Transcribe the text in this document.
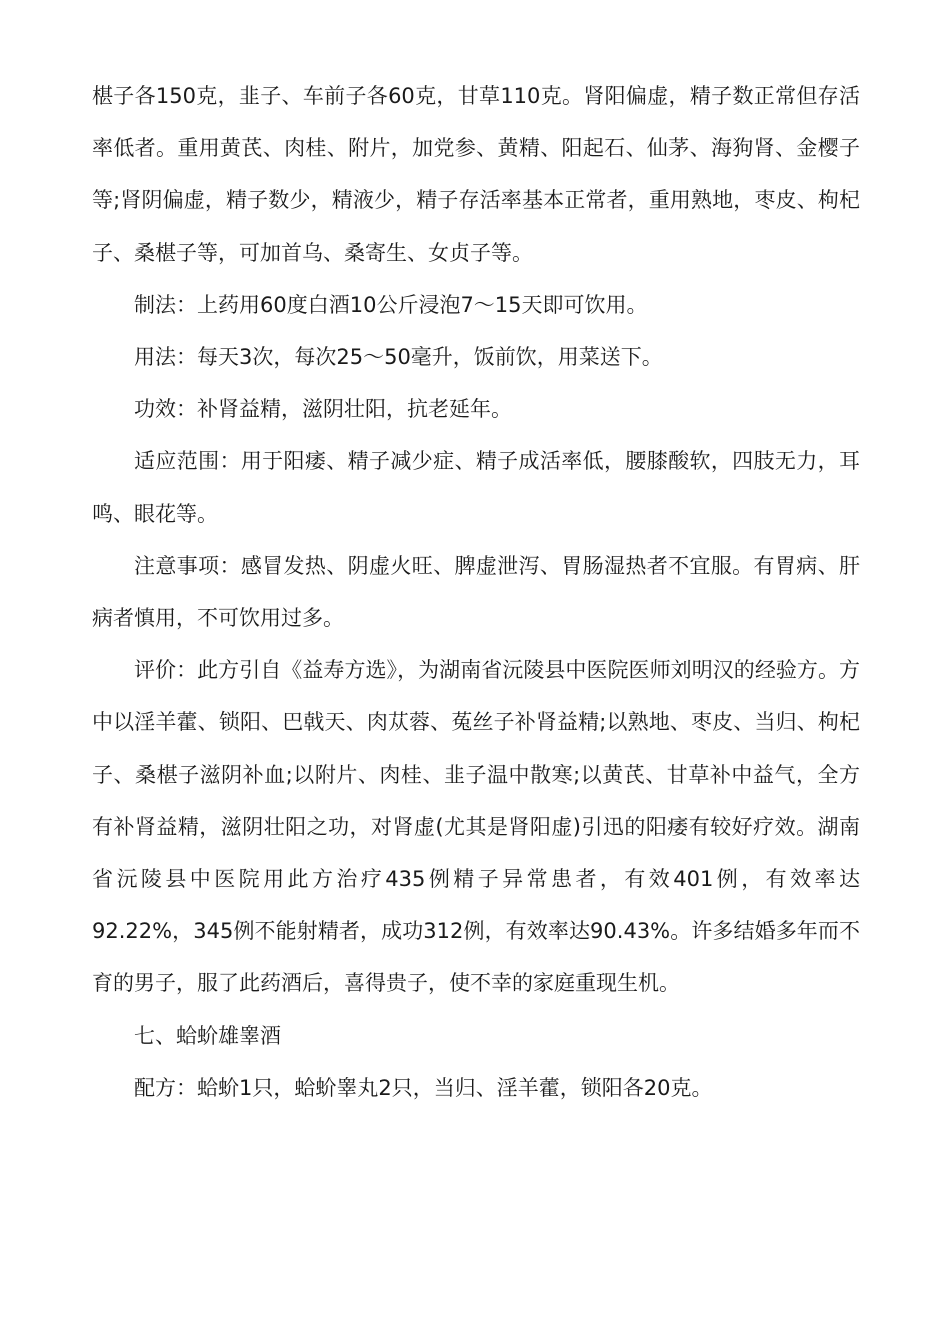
椹子各150克，韭子、车前子各60克，甘草110克。肾阳偏虚，精子数正常但存活率低者。重用黄芪、肉桂、附片，加党参、黄精、阳起石、仙茅、海狗肾、金樱子等;肾阴偏虚，精子数少，精液少，精子存活率基本正常者，重用熟地，枣皮、枸杞子、桑椹子等，可加首乌、桑寄生、女贞子等。

制法：上药用60度白酒10公斤浸泡7～15天即可饮用。

用法：每天3次，每次25～50毫升，饭前饮，用菜送下。

功效：补肾益精，滋阴壮阳，抗老延年。

适应范围：用于阳痿、精子减少症、精子成活率低，腰膝酸软，四肢无力，耳鸣、眼花等。

注意事项：感冒发热、阴虚火旺、脾虚泄泻、胃肠湿热者不宜服。有胃病、肝病者慎用，不可饮用过多。

评价：此方引自《益寿方选》，为湖南省沅陵县中医院医师刘明汉的经验方。方中以淫羊藿、锁阳、巴戟天、肉苁蓉、菟丝子补肾益精;以熟地、枣皮、当归、枸杞子、桑椹子滋阴补血;以附片、肉桂、韭子温中散寒;以黄芪、甘草补中益气，全方有补肾益精，滋阴壮阳之功，对肾虚(尤其是肾阳虚)引迅的阳痿有较好疗效。湖南省沅陵县中医院用此方治疗435例精子异常患者，有效401例，有效率达92.22%，345例不能射精者，成功312例，有效率达90.43%。许多结婚多年而不育的男子，服了此药酒后，喜得贵子，使不幸的家庭重现生机。

七、蛤蚧雄睾酒

配方：蛤蚧1只，蛤蚧睾丸2只，当归、淫羊藿，锁阳各20克。
